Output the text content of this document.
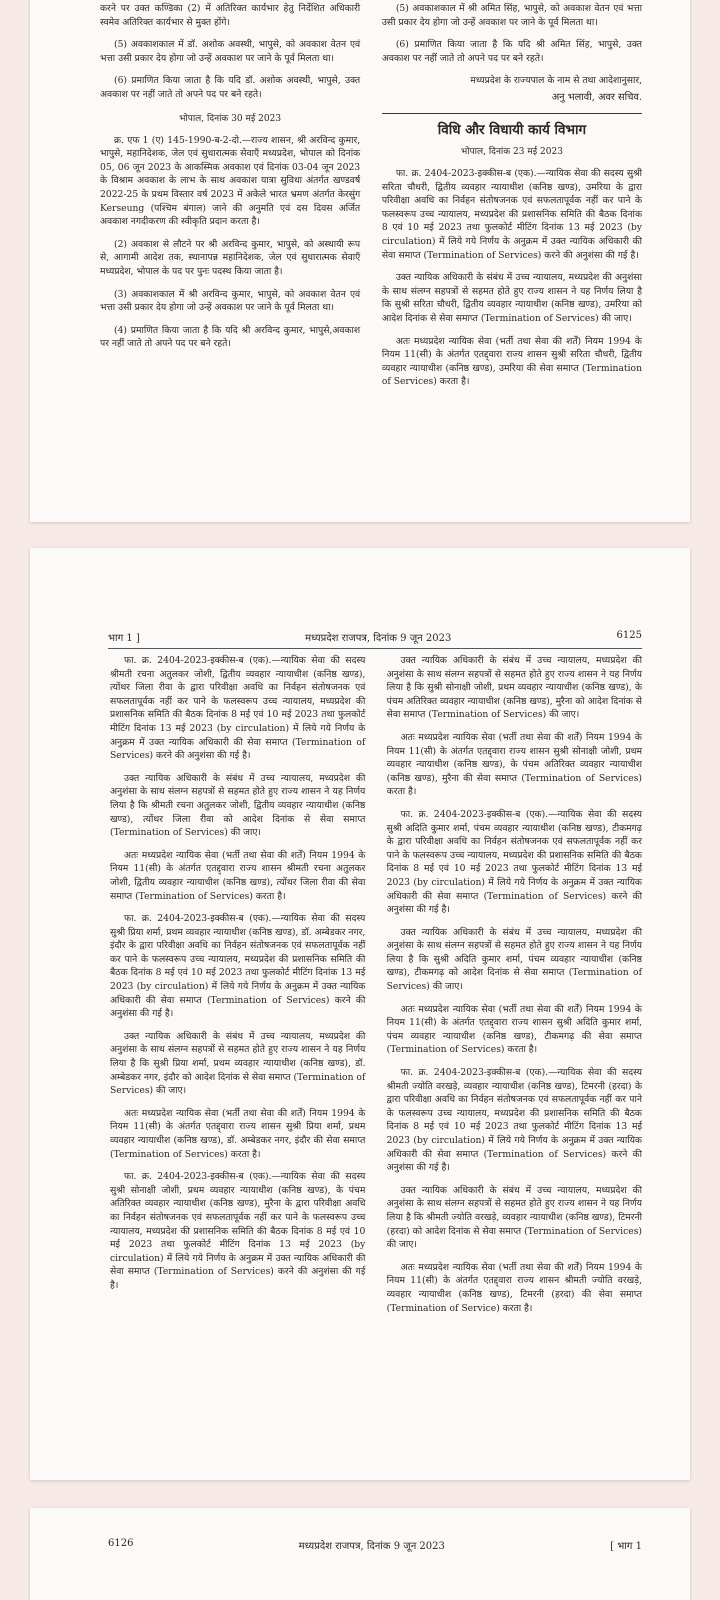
करने पर उक्त कण्डिका (2) में अतिरिक्त कार्यभार हेतु निर्देशित अधिकारी स्वमेव अतिरिक्त कार्यभार से मुक्त होंगे।

(5) अवकाशकाल में डॉ. अशोक अवस्थी, भापुसे, को अवकाश वेतन एवं भत्ता उसी प्रकार देय होगा जो उन्हें अवकाश पर जाने के पूर्व मिलता था।

(6) प्रमाणित किया जाता है कि यदि डॉ. अशोक अवस्थी, भापुसे, उक्त अवकाश पर नहीं जाते तो अपने पद पर बने रहते।

भोपाल, दिनांक 30 मई 2023

क्र. एफ 1 (ए) 145-1990-ब-2-दो.—राज्य शासन, श्री अरविन्द कुमार, भापुसे, महानिदेशक, जेल एवं सुधारात्मक सेवाएँ मध्यप्रदेश, भोपाल को दिनांक 05, 06 जून 2023 के आकस्मिक अवकाश एवं दिनांक 03-04 जून 2023 के विश्राम अवकाश के लाभ के साथ अवकाश यात्रा सुविधा अंतर्गत खण्डवर्ष 2022-25 के प्रथम विस्तार वर्ष 2023 में अकेले भारत भ्रमण अंतर्गत केरसुंग Kerseung (पश्चिम बंगाल) जाने की अनुमति एवं दस दिवस अर्जित अवकाश नगदीकरण की स्वीकृति प्रदान करता है।

(2) अवकाश से लौटने पर श्री अरविन्द कुमार, भापुसे, को अस्थायी रूप से, आगामी आदेश तक, स्थानापन्न महानिदेशक, जेल एवं सुधारात्मक सेवाएँ मध्यप्रदेश, भोपाल के पद पर पुनः पदस्थ किया जाता है।

(3) अवकाशकाल में श्री अरविन्द कुमार, भापुसे, को अवकाश वेतन एवं भत्ता उसी प्रकार देय होगा जो उन्हें अवकाश पर जाने के पूर्व मिलता था।

(4) प्रमाणित किया जाता है कि यदि श्री अरविन्द कुमार, भापुसे,अवकाश पर नहीं जाते तो अपने पद पर बने रहते।

(5) अवकाशकाल में श्री अमित सिंह, भापुसे, को अवकाश वेतन एवं भत्ता उसी प्रकार देय होगा जो उन्हें अवकाश पर जाने के पूर्व मिलता था।

(6) प्रमाणित किया जाता है कि यदि श्री अमित सिंह, भापुसे, उक्त अवकाश पर नहीं जाते तो अपने पद पर बने रहते।

मध्यप्रदेश के राज्यपाल के नाम से तथा आदेशानुसार,

अनु भलावी, अवर सचिव.

विधि और विधायी कार्य विभाग

भोपाल, दिनांक 23 मई 2023

फा. क्र. 2404-2023-इक्कीस-ब (एक).—न्यायिक सेवा की सदस्य सुश्री सरिता चौधरी, द्वितीय व्यवहार न्यायाधीश (कनिष्ठ खण्ड), उमरिया के द्वारा परिवीक्षा अवधि का निर्वहन संतोषजनक एवं सफलतापूर्वक नहीं कर पाने के फलस्वरूप उच्च न्यायालय, मध्यप्रदेश की प्रशासनिक समिति की बैठक दिनांक 8 एवं 10 मई 2023 तथा फुलकोर्ट मीटिंग दिनांक 13 मई 2023 (by circulation) में लिये गये निर्णय के अनुक्रम में उक्त न्यायिक अधिकारी की सेवा समाप्त (Termination of Services) करने की अनुशंसा की गई है।

उक्त न्यायिक अधिकारी के संबंध में उच्च न्यायालय, मध्यप्रदेश की अनुशंसा के साथ संलग्न सहपत्रों से सहमत होते हुए राज्य शासन ने यह निर्णय लिया है कि सुश्री सरिता चौधरी, द्वितीय व्यवहार न्यायाधीश (कनिष्ठ खण्ड), उमरिया को आदेश दिनांक से सेवा समाप्त (Termination of Services) की जाए।

अतः मध्यप्रदेश न्यायिक सेवा (भर्ती तथा सेवा की शर्तें) नियम 1994 के नियम 11(सी) के अंतर्गत एतद्द्वारा राज्य शासन सुश्री सरिता चौधरी, द्वितीय व्यवहार न्यायाधीश (कनिष्ठ खण्ड), उमरिया की सेवा समाप्त (Termination of Services) करता है।

भाग 1 ]	मध्यप्रदेश राजपत्र, दिनांक 9 जून 2023	6125

फा. क्र. 2404-2023-इक्कीस-ब (एक).—न्यायिक सेवा की सदस्य श्रीमती रचना अतुलकर जोशी, द्वितीय व्यवहार न्यायाधीश (कनिष्ठ खण्ड), त्योंथर जिला रीवा के द्वारा परिवीक्षा अवधि का निर्वहन संतोषजनक एवं सफलतापूर्वक नहीं कर पाने के फलस्वरूप उच्च न्यायालय, मध्यप्रदेश की प्रशासनिक समिति की बैठक दिनांक 8 मई एवं 10 मई 2023 तथा फुलकोर्ट मीटिंग दिनांक 13 मई 2023 (by circulation) में लिये गये निर्णय के अनुक्रम में उक्त न्यायिक अधिकारी की सेवा समाप्त (Termination of Services) करने की अनुशंसा की गई है।

उक्त न्यायिक अधिकारी के संबंध में उच्च न्यायालय, मध्यप्रदेश की अनुशंसा के साथ संलग्न सहपत्रों से सहमत होते हुए राज्य शासन ने यह निर्णय लिया है कि श्रीमती रचना अतुलकर जोशी, द्वितीय व्यवहार न्यायाधीश (कनिष्ठ खण्ड), त्योंथर जिला रीवा को आदेश दिनांक से सेवा समाप्त (Termination of Services) की जाए।

अतः मध्यप्रदेश न्यायिक सेवा (भर्ती तथा सेवा की शर्तें) नियम 1994 के नियम 11(सी) के अंतर्गत एतद्द्वारा राज्य शासन श्रीमती रचना अतुलकर जोशी, द्वितीय व्यवहार न्यायाधीश (कनिष्ठ खण्ड), त्योंथर जिला रीवा की सेवा समाप्त (Termination of Services) करता है।

फा. क्र. 2404-2023-इक्कीस-ब (एक).—न्यायिक सेवा की सदस्य सुश्री प्रिया शर्मा, प्रथम व्यवहार न्यायाधीश (कनिष्ठ खण्ड), डॉ. अम्बेडकर नगर, इंदौर के द्वारा परिवीक्षा अवधि का निर्वहन संतोषजनक एवं सफलतापूर्वक नहीं कर पाने के फलस्वरूप उच्च न्यायालय, मध्यप्रदेश की प्रशासनिक समिति की बैठक दिनांक 8 मई एवं 10 मई 2023 तथा फुलकोर्ट मीटिंग दिनांक 13 मई 2023 (by circulation) में लिये गये निर्णय के अनुक्रम में उक्त न्यायिक अधिकारी की सेवा समाप्त (Termination of Services) करने की अनुशंसा की गई है।

उक्त न्यायिक अधिकारी के संबंध में उच्च न्यायालय, मध्यप्रदेश की अनुशंसा के साथ संलग्न सहपत्रों से सहमत होते हुए राज्य शासन ने यह निर्णय लिया है कि सुश्री प्रिया शर्मा, प्रथम व्यवहार न्यायाधीश (कनिष्ठ खण्ड), डॉ. अम्बेडकर नगर, इंदौर को आदेश दिनांक से सेवा समाप्त (Termination of Services) की जाए।

अतः मध्यप्रदेश न्यायिक सेवा (भर्ती तथा सेवा की शर्तें) नियम 1994 के नियम 11(सी) के अंतर्गत एतद्द्वारा राज्य शासन सुश्री प्रिया शर्मा, प्रथम व्यवहार न्यायाधीश (कनिष्ठ खण्ड), डॉ. अम्बेडकर नगर, इंदौर की सेवा समाप्त (Termination of Services) करता है।

फा. क्र. 2404-2023-इक्कीस-ब (एक).—न्यायिक सेवा की सदस्य सुश्री सोनाक्षी जोशी, प्रथम व्यवहार न्यायाधीश (कनिष्ठ खण्ड), के पंचम अतिरिक्त व्यवहार न्यायाधीश (कनिष्ठ खण्ड), मुरैना के द्वारा परिवीक्षा अवधि का निर्वहन संतोषजनक एवं सफलतापूर्वक नहीं कर पाने के फलस्वरूप उच्च न्यायालय, मध्यप्रदेश की प्रशासनिक समिति की बैठक दिनांक 8 मई एवं 10 मई 2023 तथा फुलकोर्ट मीटिंग दिनांक 13 मई 2023 (by circulation) में लिये गये निर्णय के अनुक्रम में उक्त न्यायिक अधिकारी की सेवा समाप्त (Termination of Services) करने की अनुशंसा की गई है।

उक्त न्यायिक अधिकारी के संबंध में उच्च न्यायालय, मध्यप्रदेश की अनुशंसा के साथ संलग्न सहपत्रों से सहमत होते हुए राज्य शासन ने यह निर्णय लिया है कि सुश्री सोनाक्षी जोशी, प्रथम व्यवहार न्यायाधीश (कनिष्ठ खण्ड), के पंचम अतिरिक्त व्यवहार न्यायाधीश (कनिष्ठ खण्ड), मुरैना को आदेश दिनांक से सेवा समाप्त (Termination of Services) की जाए।

अतः मध्यप्रदेश न्यायिक सेवा (भर्ती तथा सेवा की शर्तें) नियम 1994 के नियम 11(सी) के अंतर्गत एतद्द्वारा राज्य शासन सुश्री सोनाक्षी जोशी, प्रथम व्यवहार न्यायाधीश (कनिष्ठ खण्ड), के पंचम अतिरिक्त व्यवहार न्यायाधीश (कनिष्ठ खण्ड), मुरैना की सेवा समाप्त (Termination of Services) करता है।

फा. क्र. 2404-2023-इक्कीस-ब (एक).—न्यायिक सेवा की सदस्य सुश्री अदिति कुमार शर्मा, पंचम व्यवहार न्यायाधीश (कनिष्ठ खण्ड), टीकमगढ़ के द्वारा परिवीक्षा अवधि का निर्वहन संतोषजनक एवं सफलतापूर्वक नहीं कर पाने के फलस्वरूप उच्च न्यायालय, मध्यप्रदेश की प्रशासनिक समिति की बैठक दिनांक 8 मई एवं 10 मई 2023 तथा फुलकोर्ट मीटिंग दिनांक 13 मई 2023 (by circulation) में लिये गये निर्णय के अनुक्रम में उक्त न्यायिक अधिकारी की सेवा समाप्त (Termination of Services) करने की अनुशंसा की गई है।

उक्त न्यायिक अधिकारी के संबंध में उच्च न्यायालय, मध्यप्रदेश की अनुशंसा के साथ संलग्न सहपत्रों से सहमत होते हुए राज्य शासन ने यह निर्णय लिया है कि सुश्री अदिति कुमार शर्मा, पंचम व्यवहार न्यायाधीश (कनिष्ठ खण्ड), टीकमगढ़ को आदेश दिनांक से सेवा समाप्त (Termination of Services) की जाए।

अतः मध्यप्रदेश न्यायिक सेवा (भर्ती तथा सेवा की शर्तें) नियम 1994 के नियम 11(सी) के अंतर्गत एतद्द्वारा राज्य शासन सुश्री अदिति कुमार शर्मा, पंचम व्यवहार न्यायाधीश (कनिष्ठ खण्ड), टीकमगढ़ की सेवा समाप्त (Termination of Services) करता है।

फा. क्र. 2404-2023-इक्कीस-ब (एक).—न्यायिक सेवा की सदस्य श्रीमती ज्योति वरखड़े, व्यवहार न्यायाधीश (कनिष्ठ खण्ड), टिमरनी (हरदा) के द्वारा परिवीक्षा अवधि का निर्वहन संतोषजनक एवं सफलतापूर्वक नहीं कर पाने के फलस्वरूप उच्च न्यायालय, मध्यप्रदेश की प्रशासनिक समिति की बैठक दिनांक 8 मई एवं 10 मई 2023 तथा फुलकोर्ट मीटिंग दिनांक 13 मई 2023 (by circulation) में लिये गये निर्णय के अनुक्रम में उक्त न्यायिक अधिकारी की सेवा समाप्त (Termination of Services) करने की अनुशंसा की गई है।

उक्त न्यायिक अधिकारी के संबंध में उच्च न्यायालय, मध्यप्रदेश की अनुशंसा के साथ संलग्न सहपत्रों से सहमत होते हुए राज्य शासन ने यह निर्णय लिया है कि श्रीमती ज्योति वरखड़े, व्यवहार न्यायाधीश (कनिष्ठ खण्ड), टिमरनी (हरदा) को आदेश दिनांक से सेवा समाप्त (Termination of Services) की जाए।

अतः मध्यप्रदेश न्यायिक सेवा (भर्ती तथा सेवा की शर्तें) नियम 1994 के नियम 11(सी) के अंतर्गत एतद्द्वारा राज्य शासन श्रीमती ज्योति वरखड़े, व्यवहार न्यायाधीश (कनिष्ठ खण्ड), टिमरनी (हरदा) की सेवा समाप्त (Termination of Service) करता है।

6126	मध्यप्रदेश राजपत्र, दिनांक 9 जून 2023	[ भाग 1
